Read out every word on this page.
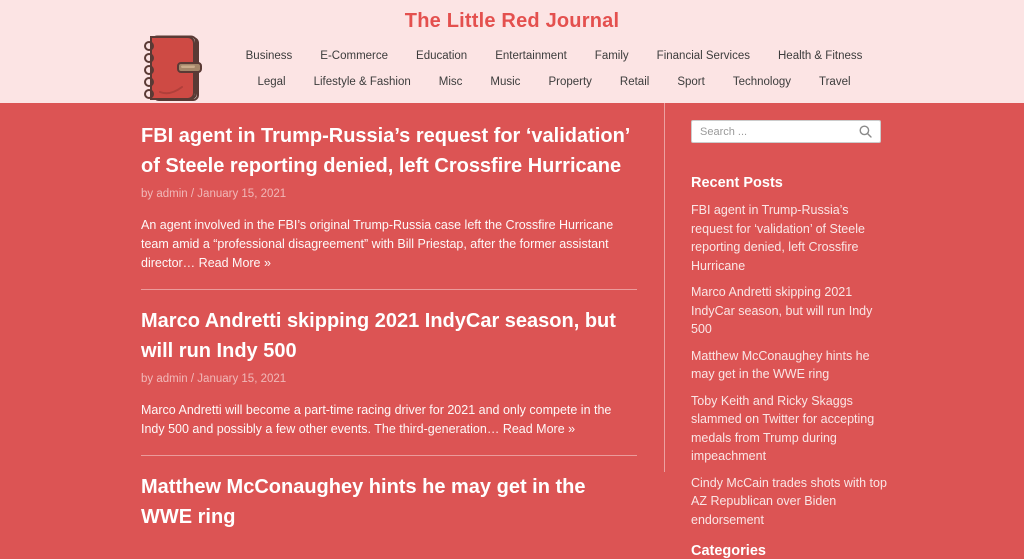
The Little Red Journal
Business	E-Commerce	Education	Entertainment	Family	Financial Services	Health & Fitness
Legal	Lifestyle & Fashion	Misc	Music	Property	Retail	Sport	Technology	Travel
FBI agent in Trump-Russia’s request for ‘validation’ of Steele reporting denied, left Crossfire Hurricane
by admin / January 15, 2021

An agent involved in the FBI’s original Trump-Russia case left the Crossfire Hurricane team amid a “professional disagreement” with Bill Priestap, after the former assistant director… Read More »

Marco Andretti skipping 2021 IndyCar season, but will run Indy 500
by admin / January 15, 2021

Marco Andretti will become a part-time racing driver for 2021 and only compete in the Indy 500 and possibly a few other events. The third-generation… Read More »

Matthew McConaughey hints he may get in the WWE ring
Search ...
Recent Posts
FBI agent in Trump-Russia’s request for ‘validation’ of Steele reporting denied, left Crossfire Hurricane
Marco Andretti skipping 2021 IndyCar season, but will run Indy 500
Matthew McConaughey hints he may get in the WWE ring
Toby Keith and Ricky Skaggs slammed on Twitter for accepting medals from Trump during impeachment
Cindy McCain trades shots with top AZ Republican over Biden endorsement
Categories
